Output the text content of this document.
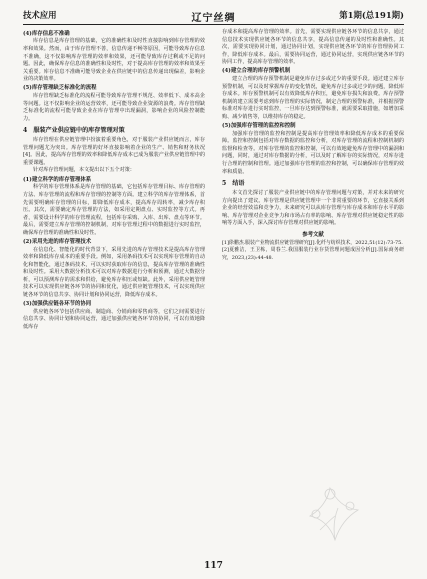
技术应用	辽宁丝绸	第1期(总191期)
(4)库存信息不准确

库存信息是库存管理的基础，它的准确性和及时性直接影响到库存管理的效率和效果。然而，由于库存管理不善，信息传递不畅等原因，可能导致库存信息不准确，这不仅影响库存管理的效率和效果，还可能导致库存过剩或不足的问题。因此，确保库存信息的准确性和及时性，对于提高库存管理的效率和效果至关重要。库存信息不准确可能导致企业在供应链中的信息传递出现偏差，影响企业的决策效率。

(5)库存管理缺乏标准化的流程

库存管理缺乏标准化的流程可能导致库存管理不规范、效率低下、成本高企等问题。这不仅影响企业的运营效率，还可能导致企业资源的浪费。库存管理缺乏标准化的流程可能导致企业在库存管理中出现漏洞，影响企业的风险控制能力。

4　服装产业供应链中的库存管理对策

库存管理在供应链管理中扮演着重要角色，对于服装产业供应链而言，库存管理问题尤为突出。库存管理的好坏直接影响着企业的生产、销售和财务状况[4]。因此，提高库存管理的效率和降低库存成本已成为服装产业供应链管理中的重要课题。

针对库存管理问题，本文提出以下五个对策：

(1)建立科学的库存管理体系

科学的库存管理体系是库存管理的基础，它包括库存管理目标、库存管理的方法、库存管理的流程和库存管理的控制等方面。建立科学的库存管理体系，首先需要明确库存管理的目标，即降低库存成本，提高库存周转率，减少库存积压。其次，需要确定库存管理的方法，如采用定期盘点、实时监控等方式。再者，需要设计科学的库存管理流程，包括库存采购、入库、出库、盘点等环节。最后，需要建立库存管理的控制机制，对库存管理过程中的数据进行实时监控，确保库存管理的准确性和及时性。

(2)采用先进的库存管理技术

在信息化、智能化的时代背景下，采用先进的库存管理技术是提高库存管理效率和降低库存成本的重要手段。例如，采用条码技术可以实现库存管理的自动化和智能化，通过条码技术，可以实时获取库存的信息，提高库存管理的准确性和及时性。采用大数据分析技术可以对库存数据进行分析和预测，通过大数据分析，可以预测库存的需求和供给，避免库存积压或短缺。此外，采用供应链管理技术可以实现供应链各环节的协同和优化，通过供应链管理技术，可以实现供应链各环节的信息共享、协同计划和协同运营，降低库存成本。

(3)加强供应链各环节的协同

供应链各环节包括供应商、制造商、分销商和零售商等，它们之间需要进行信息共享、协同计划和协同运营，通过加强供应链各环节的协同，可以有效地降低库存

存成本和提高库存管理的效率。首先，需要实现供应链各环节的信息共享，通过信息技术实现供应链各环节的信息共享，提高信息传递的及时性和准确性。其次，需要实现协同计划，通过协同计划，实现供应链各环节的库存管理协同工作，降低库存成本。最后，需要协同运营，通过协同运营，实现供应链各环节的协同工作，提高库存管理的效率。

(4)建立合理的库存预警机制

建立合理的库存预警机制是避免库存过多或过少的重要手段。通过建立库存预警机制，可以及时掌握库存的变化情况，避免库存过多或过少的问题，降低库存成本。库存预警机制可以有效降低库存积压，避免库存损失和浪费。库存预警机制的建立需要考虑到库存管理的实际情况，制定合理的预警标准，并根据预警标准对库存进行实时监控，一旦库存达到预警标准，就需要采取措施，如增加采购、减少销售等，以维持库存的稳定。

(5)加强库存管理的监控和控制

加强库存管理的监控和控制是提高库存管理效率和降低库存成本的重要保障。监控和控制包括对库存数据的监控和分析，对库存管理的流程和控制机制的监督和检查等。对库存管理的监控和控制，可以有效地避免库存管理中的漏洞和问题，同时，通过对库存数据的分析，可以及时了解库存的实际情况，对库存进行合理的控制和管理。通过加强库存管理的监控和控制，可以确保库存管理的效率和质量。

5　结语

本文首先探讨了服装产业供应链中的库存管理问题与对策，并对未来的研究方向提出了建议。库存管理是供应链管理中一个非常重要的环节，它直接关系到企业的经营效益和竞争力，未来研究可以从库存管理与库存成本和库存水平的影响、库存管理对企业竞争力和市场占有率的影响、库存管理对供应链稳定性的影响等方面入手，深入探讨库存管理对供应链的影响。

参考文献

[1]徐鹏杰.服装产业物流供应链管理研究[J].化纤与纺织技术，2022,51(12):73-75.

[2]夏雅洁，王卫栋，周春兰.我国服装行业存货管理问题成因分析[J].国际商务研究，2023,(23):44-48.

117
